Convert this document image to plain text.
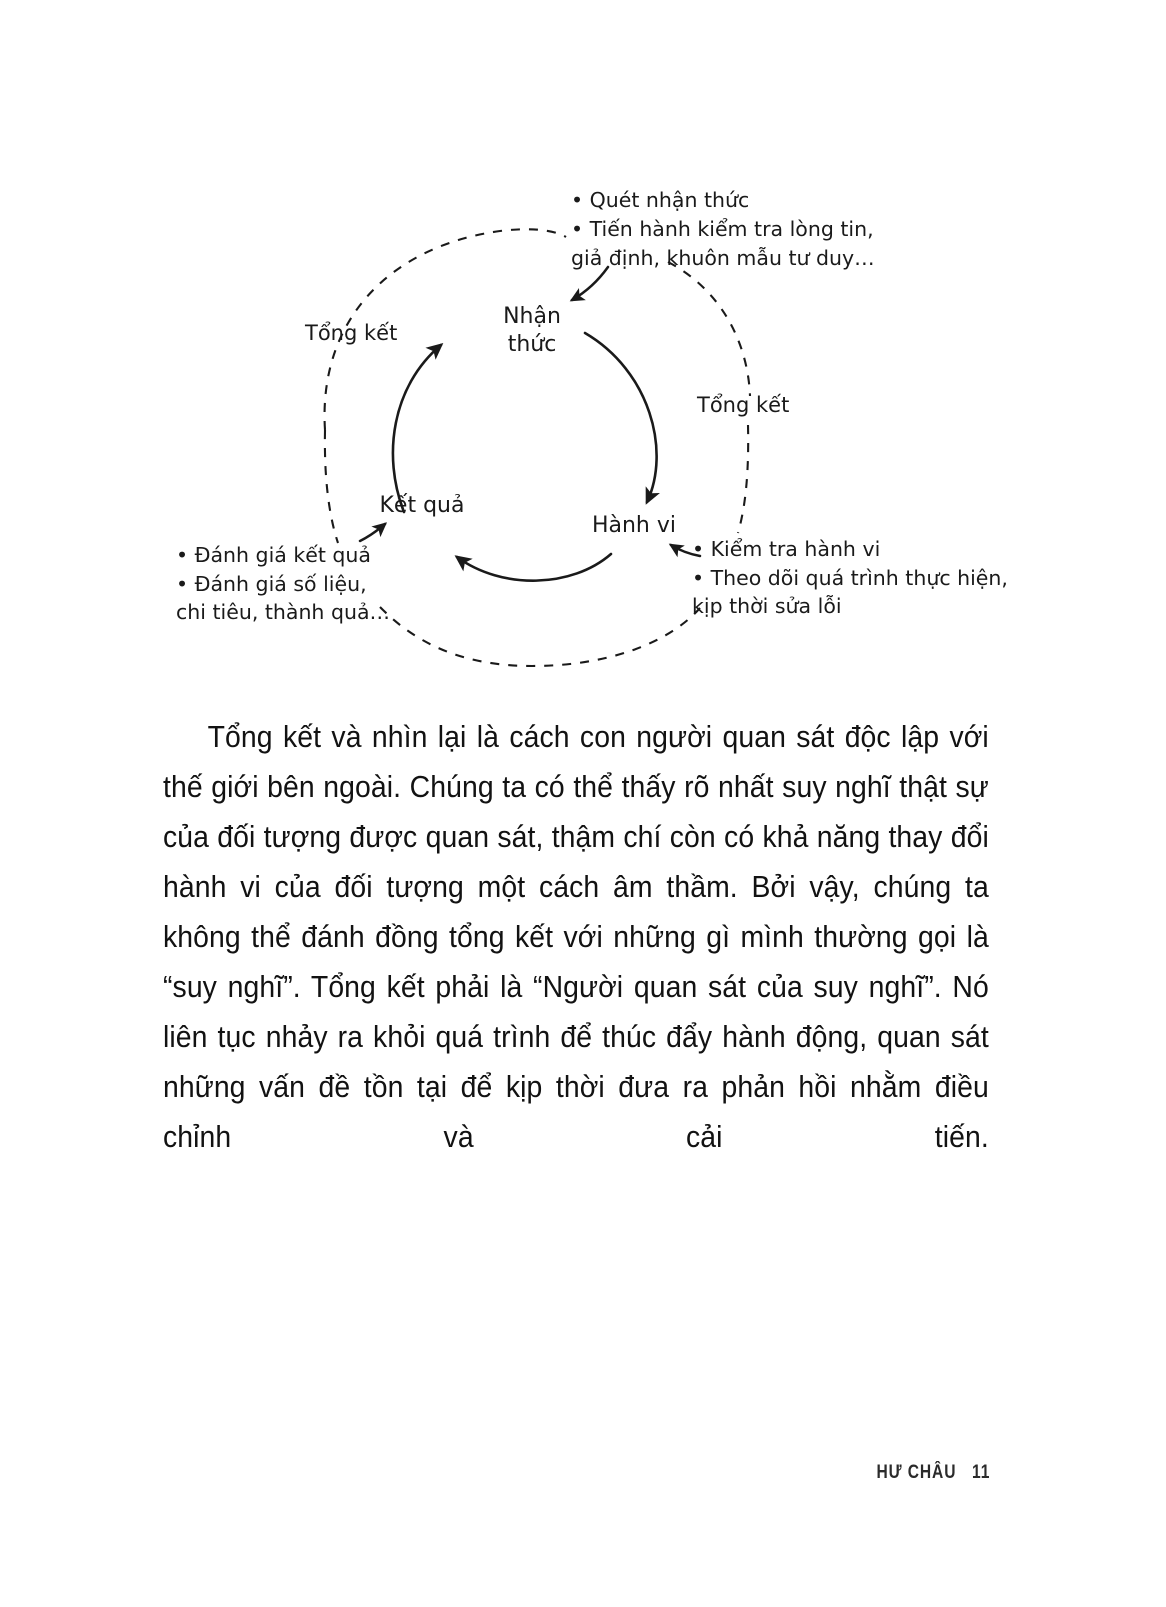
Nhận
thức
Hành vi
Kết quả
Tổng kết
Tổng kết
• Quét nhận thức
• Tiến hành kiểm tra lòng tin,
giả định, khuôn mẫu tư duy…
• Kiểm tra hành vi
• Theo dõi quá trình thực hiện,
kịp thời sửa lỗi
• Đánh giá kết quả
• Đánh giá số liệu,
chi tiêu, thành quả…

Tổng kết và nhìn lại là cách con người quan sát độc lập với thế giới bên ngoài. Chúng ta có thể thấy rõ nhất suy nghĩ thật sự của đối tượng được quan sát, thậm chí còn có khả năng thay đổi hành vi của đối tượng một cách âm thầm. Bởi vậy, chúng ta không thể đánh đồng tổng kết với những gì mình thường gọi là “suy nghĩ”. Tổng kết phải là “Người quan sát của suy nghĩ”. Nó liên tục nhảy ra khỏi quá trình để thúc đẩy hành động, quan sát những vấn đề tồn tại để kịp thời đưa ra phản hồi nhằm điều chỉnh và cải tiến.

HƯ CHÂU 11
